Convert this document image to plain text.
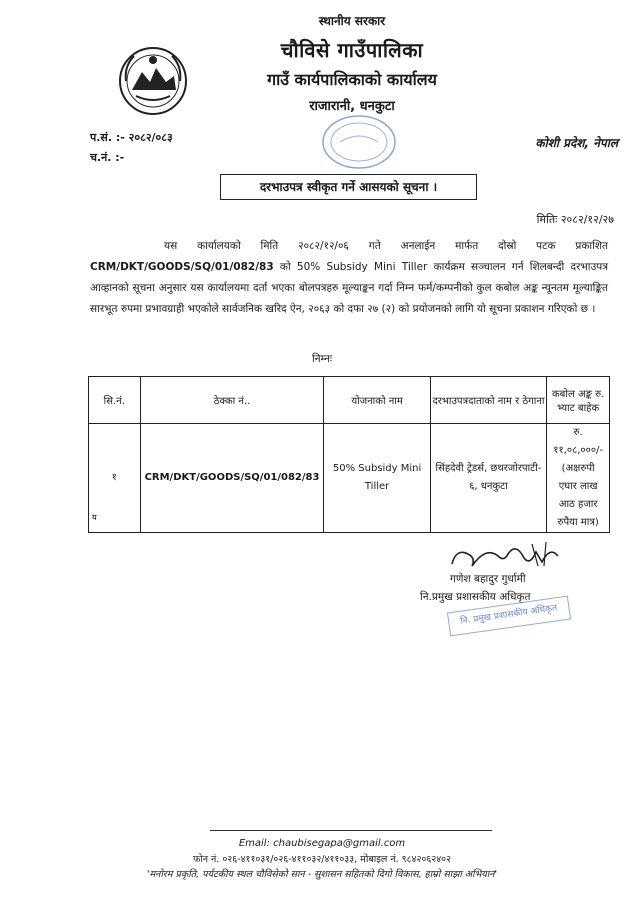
स्थानीय सरकार
चौविसे गाउँपालिका
गाउँ कार्यपालिकाको कार्यालय
राजारानी, धनकुटा
प.सं. :- २०८२/०८३
च.नं. :-
कोशी प्रदेश, नेपाल
दरभाउपत्र स्वीकृत गर्ने आसयको सूचना ।
मितिः २०८२/१२/२७
यस कार्यालयको मिति २०८२/१२/०६ गते अनलाईन मार्फत दोस्रो पटक प्रकाशित CRM/DKT/GOODS/SQ/01/082/83 को 50% Subsidy Mini Tiller कार्यक्रम सञ्चालन गर्न शिलबन्दी दरभाउपत्र आव्हानको सूचना अनुसार यस कार्यालयमा दर्ता भएका बोलपत्रहरु मूल्याङ्कन गर्दा निम्न फर्म/कम्पनीको कुल कबोल अङ्क न्यूनतम मूल्याङ्कित सारभूत रुपमा प्रभावग्राही भएकोले सार्वजनिक खरिद ऐन, २०६३ को दफा २७ (२) को प्रयोजनको लागि यो सूचना प्रकाशन गरिएको छ ।
निम्नः
सि.नं.	ठेक्का नं..	योजनाको नाम	दरभाउपत्रदाताको नाम र ठेगाना	कबोल अङ्क रु. भ्याट बाहेक
१	CRM/DKT/GOODS/SQ/01/082/83	50% Subsidy Mini Tiller	सिंहदेवी ट्रेडर्स, छथरजोरपाटी- ६, धनकुटा	रु. ११,०८,०००/-(अक्षरुपी एघार लाख आठ हजार रुपैया मात्र)
य
गणेश बहादुर गुर्धामी
नि.प्रमुख प्रशासकीय अधिकृत
नि. प्रमुख प्रशासकीय अधिकृत
Email: chaubisegapa@gmail.com
फोन नं. ०२६-४११०३१/०२६-४११०३२/४११०३३, मोबाइल नं. ९८४२०६२४०२
'मनोरम प्रकृति, पर्यटकीय स्थल चौविसेको सान - सुशासन सहितको दिगो विकास, हाम्रो साझा अभियान'
